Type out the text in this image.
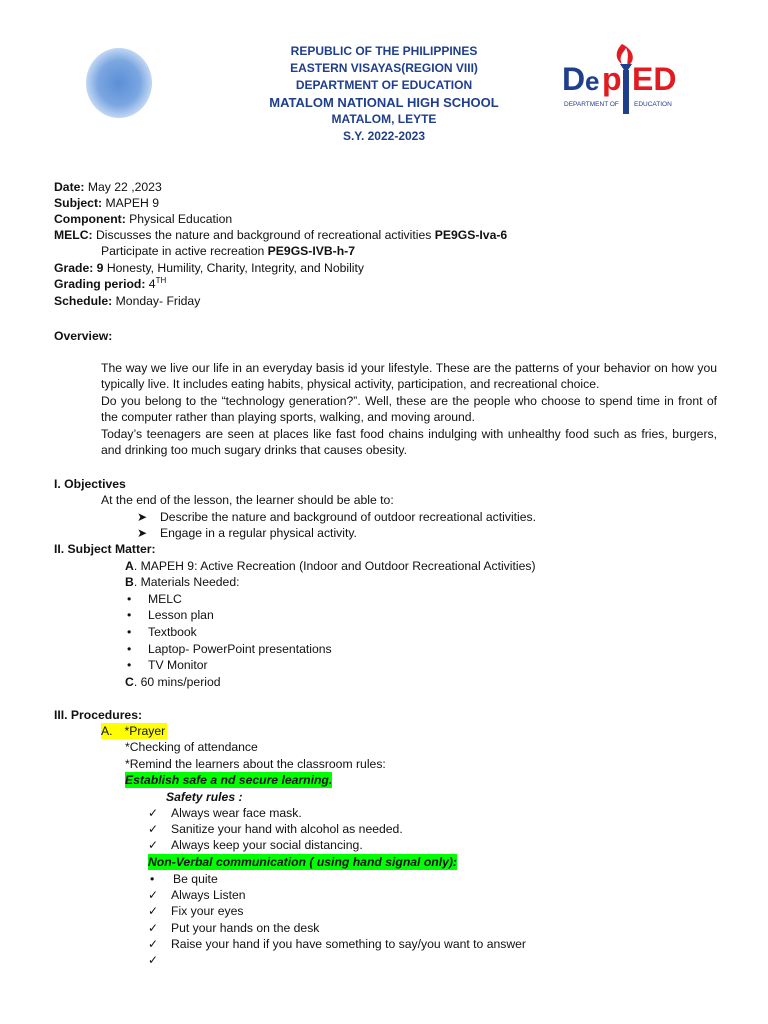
REPUBLIC OF THE PHILIPPINES
EASTERN VISAYAS(REGION VIII)
DEPARTMENT OF EDUCATION
MATALOM NATIONAL HIGH SCHOOL
MATALOM, LEYTE
S.Y. 2022-2023
D e p ED
DEPARTMENT OF EDUCATION
Date: May 22 ,2023
Subject: MAPEH 9
Component: Physical Education
MELC: Discusses the nature and background of recreational activities PE9GS-Iva-6
Participate in active recreation PE9GS-IVB-h-7
Grade: 9 Honesty, Humility, Charity, Integrity, and Nobility
Grading period: 4TH
Schedule: Monday- Friday
Overview:
The way we live our life in an everyday basis id your lifestyle. These are the patterns of your behavior on how you typically live. It includes eating habits, physical activity, participation, and recreational choice.
Do you belong to the “technology generation?”. Well, these are the people who choose to spend time in front of the computer rather than playing sports, walking, and moving around.
Today’s teenagers are seen at places like fast food chains indulging with unhealthy food such as fries, burgers, and drinking too much sugary drinks that causes obesity.
I. Objectives
At the end of the lesson, the learner should be able to:
➤ Describe the nature and background of outdoor recreational activities.
➤ Engage in a regular physical activity.
II. Subject Matter:
A. MAPEH 9: Active Recreation (Indoor and Outdoor Recreational Activities)
B. Materials Needed:
• MELC
• Lesson plan
• Textbook
• Laptop- PowerPoint presentations
• TV Monitor
C. 60 mins/period
III. Procedures:
A. *Prayer
*Checking of attendance
*Remind the learners about the classroom rules:
Establish safe a nd secure learning.
Safety rules :
✓
Always wear face mask.
✓
Sanitize your hand with alcohol as needed.
✓
Always keep your social distancing.
Non-Verbal communication ( using hand signal only):
• Be quite
✓
Always Listen
✓
Fix your eyes
✓
Put your hands on the desk
✓
Raise your hand if you have something to say/you want to answer
✓
